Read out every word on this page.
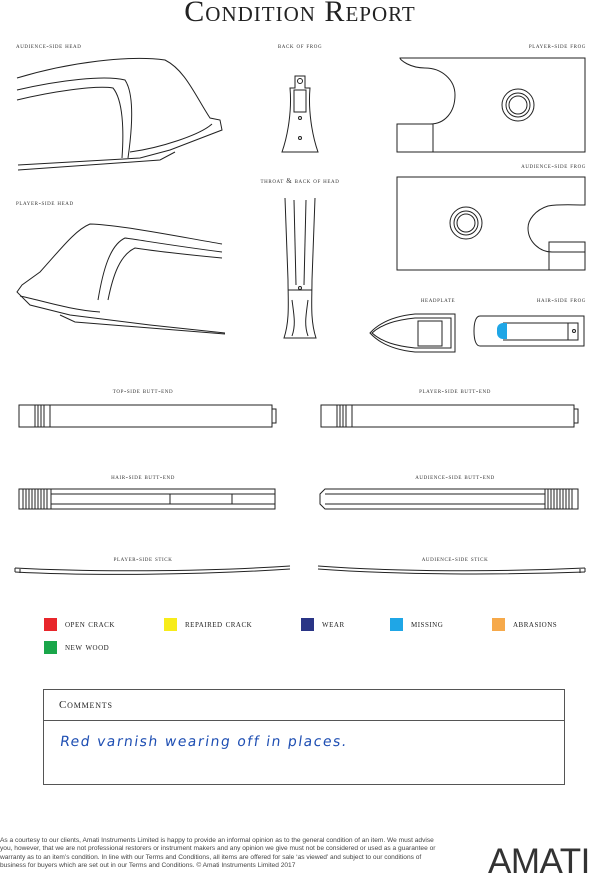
Condition Report
audience-side head	back of frog	player-side frog
audience-side frog
throat & back of head
player-side head
headplate	hair-side frog
top-side butt-end	player-side butt-end
hair-side butt-end	audience-side butt-end
player-side stick	audience-side stick
open crack	repaired crack	wear	missing	abrasions
new wood
Comments
Red varnish wearing off in places.
As a courtesy to our clients, Amati Instruments Limited is happy to provide an informal opinion as to the general condition of an item. We must advise you, however, that we are not professional restorers or instrument makers and any opinion we give must not be considered or used as a guarantee or warranty as to an item’s condition. In line with our Terms and Conditions, all items are offered for sale ‘as viewed’ and subject to our conditions of business for buyers which are set out in our Terms and Conditions. © Amati Instruments Limited 2017	AMATI
